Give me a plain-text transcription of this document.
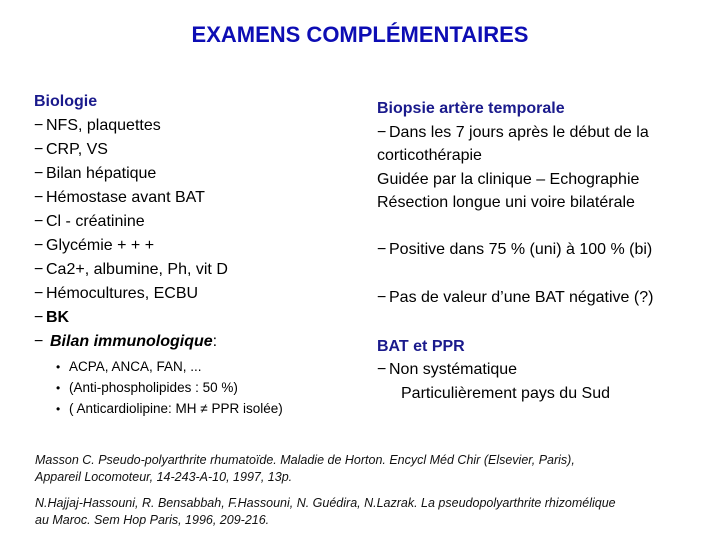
EXAMENS COMPLÉMENTAIRES
Biologie
− NFS, plaquettes
− CRP, VS
− Bilan hépatique
− Hémostase avant BAT
− Cl - créatinine
− Glycémie + + +
− Ca2+, albumine, Ph, vit D
− Hémocultures, ECBU
− BK
−Bilan immunologique:
• ACPA, ANCA, FAN, ...
• (Anti-phospholipides : 50 %)
• ( Anticardiolipine: MH ≠ PPR isolée)
Biopsie artère temporale
− Dans les 7 jours après le début de la
corticothérapie
Guidée par la clinique – Echographie
Résection longue uni voire bilatérale
− Positive dans 75 % (uni) à 100 % (bi)
− Pas de valeur d’une BAT négative (?)
BAT et PPR
− Non systématique
Particulièrement pays du Sud
Masson C. Pseudo-polyarthrite rhumatoïde. Maladie de Horton. Encycl Méd Chir (Elsevier, Paris),
Appareil Locomoteur, 14-243-A-10, 1997, 13p.
N.Hajjaj-Hassouni, R. Bensabbah, F.Hassouni, N. Guédira, N.Lazrak. La pseudopolyarthrite rhizomélique
au Maroc. Sem Hop Paris, 1996, 209-216.
